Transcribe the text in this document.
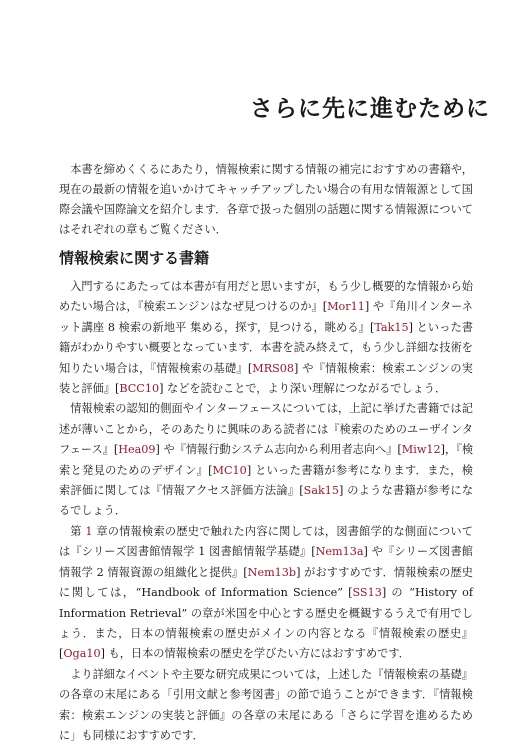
さらに先に進むために

本書を締めくくるにあたり，情報検索に関する情報の補完におすすめの書籍や，現在の最新の情報を追いかけてキャッチアップしたい場合の有用な情報源として国際会議や国際論文を紹介します．各章で扱った個別の話題に関する情報源についてはそれぞれの章もご覧ください．

情報検索に関する書籍

入門するにあたっては本書が有用だと思いますが，もう少し概要的な情報から始めたい場合は，『検索エンジンはなぜ見つけるのか』[Mor11] や『角川インターネット講座 8 検索の新地平 集める，探す，見つける，眺める』[Tak15] といった書籍がわかりやすい概要となっています．本書を読み終えて，もう少し詳細な技術を知りたい場合は，『情報検索の基礎』[MRS08] や『情報検索：検索エンジンの実装と評価』[BCC10] などを読むことで，より深い理解につながるでしょう．

情報検索の認知的側面やインターフェースについては，上記に挙げた書籍では記述が薄いことから，そのあたりに興味のある読者には『検索のためのユーザインタフェース』[Hea09] や『情報行動システム志向から利用者志向へ』[Miw12]，『検索と発見のためのデザイン』[MC10] といった書籍が参考になります．また，検索評価に関しては『情報アクセス評価方法論』[Sak15] のような書籍が参考になるでしょう．

第 1 章の情報検索の歴史で触れた内容に関しては，図書館学的な側面については『シリーズ図書館情報学 1 図書館情報学基礎』[Nem13a] や『シリーズ図書館情報学 2 情報資源の組織化と提供』[Nem13b] がおすすめです．情報検索の歴史に関しては，“Handbook of Information Science” [SS13] の “History of Information Retrieval” の章が米国を中心とする歴史を概観するうえで有用でしょう．また，日本の情報検索の歴史がメインの内容となる『情報検索の歴史』[Oga10] も，日本の情報検索の歴史を学びたい方にはおすすめです．

より詳細なイベントや主要な研究成果については，上述した『情報検索の基礎』の各章の末尾にある「引用文献と参考図書」の節で追うことができます．『情報検索：検索エンジンの実装と評価』の各章の末尾にある「さらに学習を進めるために」も同様におすすめです．
